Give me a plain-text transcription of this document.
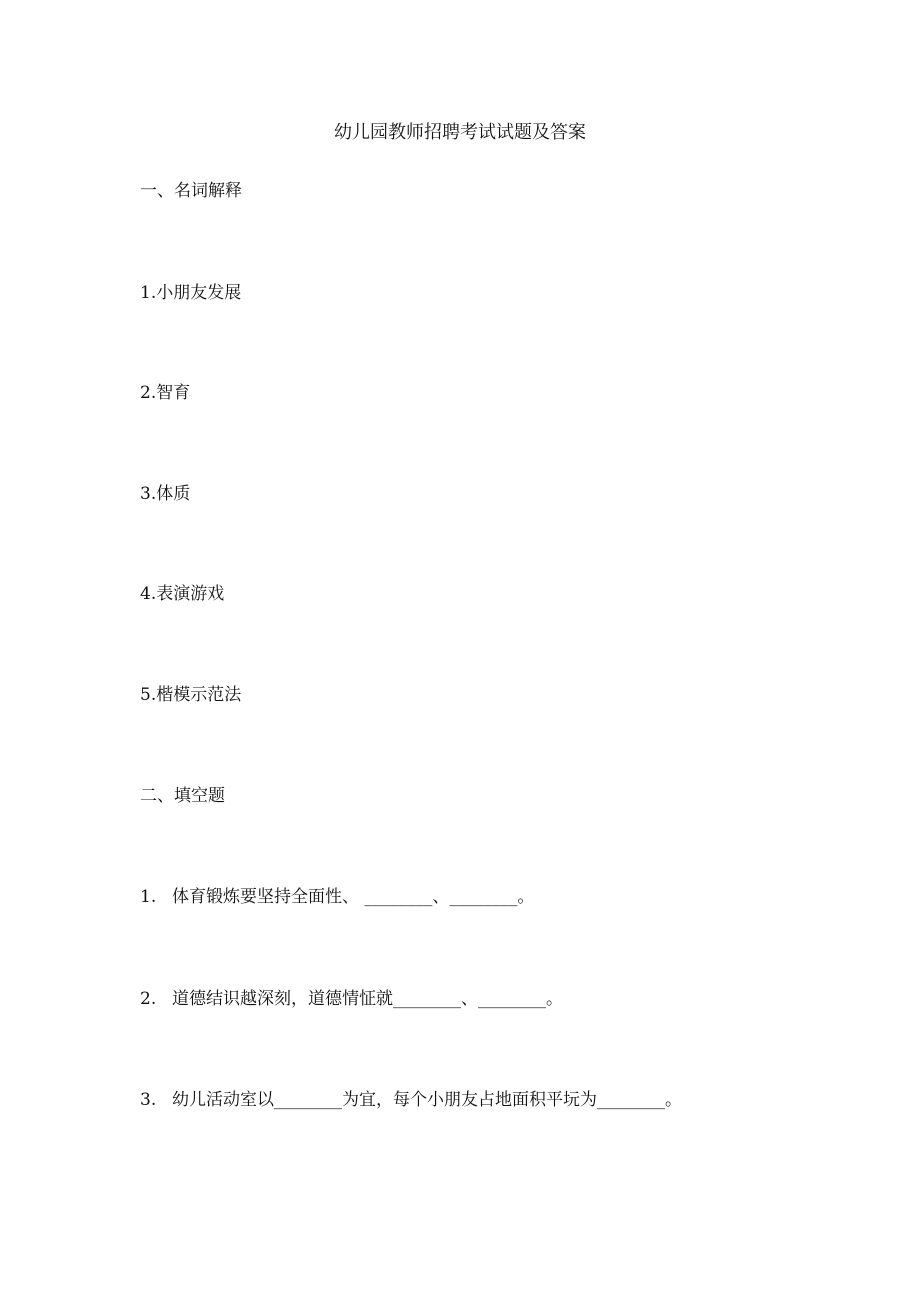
幼儿园教师招聘考试试题及答案
一、名词解释
1.小朋友发展
2.智育
3.体质
4.表演游戏
5.楷模示范法
二、填空题
1. 体育锻炼要坚持全面性、 ________、________。
2. 道德结识越深刻，道德情怔就________、________。
3. 幼儿活动室以________为宜，每个小朋友占地面积平坃为________。
